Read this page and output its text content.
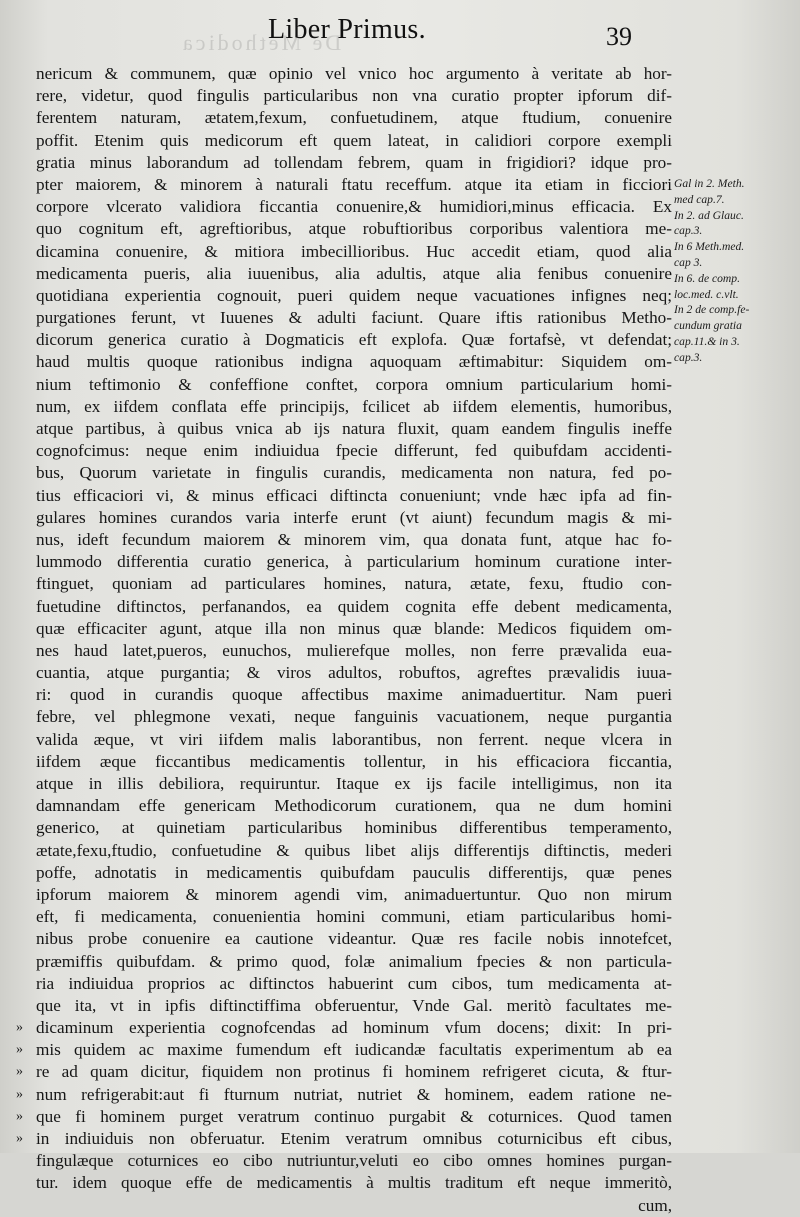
De Methodica
Liber Primus.	39
nericum & communem, quæ opinio vel vnico hoc argumento à veritate ab hor-
rere, videtur, quod fingulis particularibus non vna curatio propter ipforum dif-
ferentem naturam, ætatem,fexum, confuetudinem, atque ftudium, conuenire
poffit. Etenim quis medicorum eft quem lateat, in calidiori corpore exempli
gratia minus laborandum ad tollendam febrem, quam in frigidiori? idque pro-
pter maiorem, & minorem à naturali ftatu receffum. atque ita etiam in ficciori
corpore vlcerato validiora ficcantia conuenire,& humidiori,minus efficacia. Ex
quo cognitum eft, agreftioribus, atque robuftioribus corporibus valentiora me-
dicamina conuenire, & mitiora imbecillioribus. Huc accedit etiam, quod alia
medicamenta pueris, alia iuuenibus, alia adultis, atque alia fenibus conuenire
quotidiana experientia cognouit, pueri quidem neque vacuationes infignes neq;
purgationes ferunt, vt Iuuenes & adulti faciunt. Quare iftis rationibus Metho-
dicorum generica curatio à Dogmaticis eft explofa. Quæ fortafsè, vt defendat;
haud multis quoque rationibus indigna aquoquam æftimabitur: Siquidem om-
nium teftimonio & confeffione conftet, corpora omnium particularium homi-
num, ex iifdem conflata effe principijs, fcilicet ab iifdem elementis, humoribus,
atque partibus, à quibus vnica ab ijs natura fluxit, quam eandem fingulis ineffe
cognofcimus: neque enim indiuidua fpecie differunt, fed quibufdam accidenti-
bus, Quorum varietate in fingulis curandis, medicamenta non natura, fed po-
tius efficaciori vi, & minus efficaci diftincta conueniunt; vnde hæc ipfa ad fin-
gulares homines curandos varia interfe erunt (vt aiunt) fecundum magis & mi-
nus, ideft fecundum maiorem & minorem vim, qua donata funt, atque hac fo-
lummodo differentia curatio generica, à particularium hominum curatione inter-
ftinguet, quoniam ad particulares homines, natura, ætate, fexu, ftudio con-
fuetudine diftinctos, perfanandos, ea quidem cognita effe debent medicamenta,
quæ efficaciter agunt, atque illa non minus quæ blande: Medicos fiquidem om-
nes haud latet,pueros, eunuchos, mulierefque molles, non ferre prævalida eua-
cuantia, atque purgantia; & viros adultos, robuftos, agreftes prævalidis iuua-
ri: quod in curandis quoque affectibus maxime animaduertitur. Nam pueri
febre, vel phlegmone vexati, neque fanguinis vacuationem, neque purgantia
valida æque, vt viri iifdem malis laborantibus, non ferrent. neque vlcera in
iifdem æque ficcantibus medicamentis tollentur, in his efficaciora ficcantia,
atque in illis debiliora, requiruntur. Itaque ex ijs facile intelligimus, non ita
damnandam effe genericam Methodicorum curationem, qua ne dum homini
generico, at quinetiam particularibus hominibus differentibus temperamento,
ætate,fexu,ftudio, confuetudine & quibus libet alijs differentijs diftinctis, mederi
poffe, adnotatis in medicamentis quibufdam pauculis differentijs, quæ penes
ipforum maiorem & minorem agendi vim, animaduertuntur. Quo non mirum
eft, fi medicamenta, conuenientia homini communi, etiam particularibus homi-
nibus probe conuenire ea cautione videantur. Quæ res facile nobis innotefcet,
præmiffis quibufdam. & primo quod, folæ animalium fpecies & non particula-
ria indiuidua proprios ac diftinctos habuerint cum cibos, tum medicamenta at-
que ita, vt in ipfis diftinctiffima obferuentur, Vnde Gal. meritò facultates me-
» dicaminum experientia cognofcendas ad hominum vfum docens; dixit: In pri-
» mis quidem ac maxime fumendum eft iudicandæ facultatis experimentum ab ea
» re ad quam dicitur, fiquidem non protinus fi hominem refrigeret cicuta, & ftur-
» num refrigerabit:aut fi fturnum nutriat, nutriet & hominem, eadem ratione ne-
» que fi hominem purget veratrum continuo purgabit & coturnices. Quod tamen
» in indiuiduis non obferuatur. Etenim veratrum omnibus coturnicibus eft cibus,
fingulæque coturnices eo cibo nutriuntur,veluti eo cibo omnes homines purgan-
tur. idem quoque effe de medicamentis à multis traditum eft neque immeritò,
cum,
Gal in 2. Meth.
med cap.7.
In 2. ad Glauc.
cap.3.
In 6 Meth.med.
cap 3.
In 6. de comp.
loc.med. c.vlt.
In 2 de comp.fe-
cundum gratia
cap.11.& in 3.
cap.3.
